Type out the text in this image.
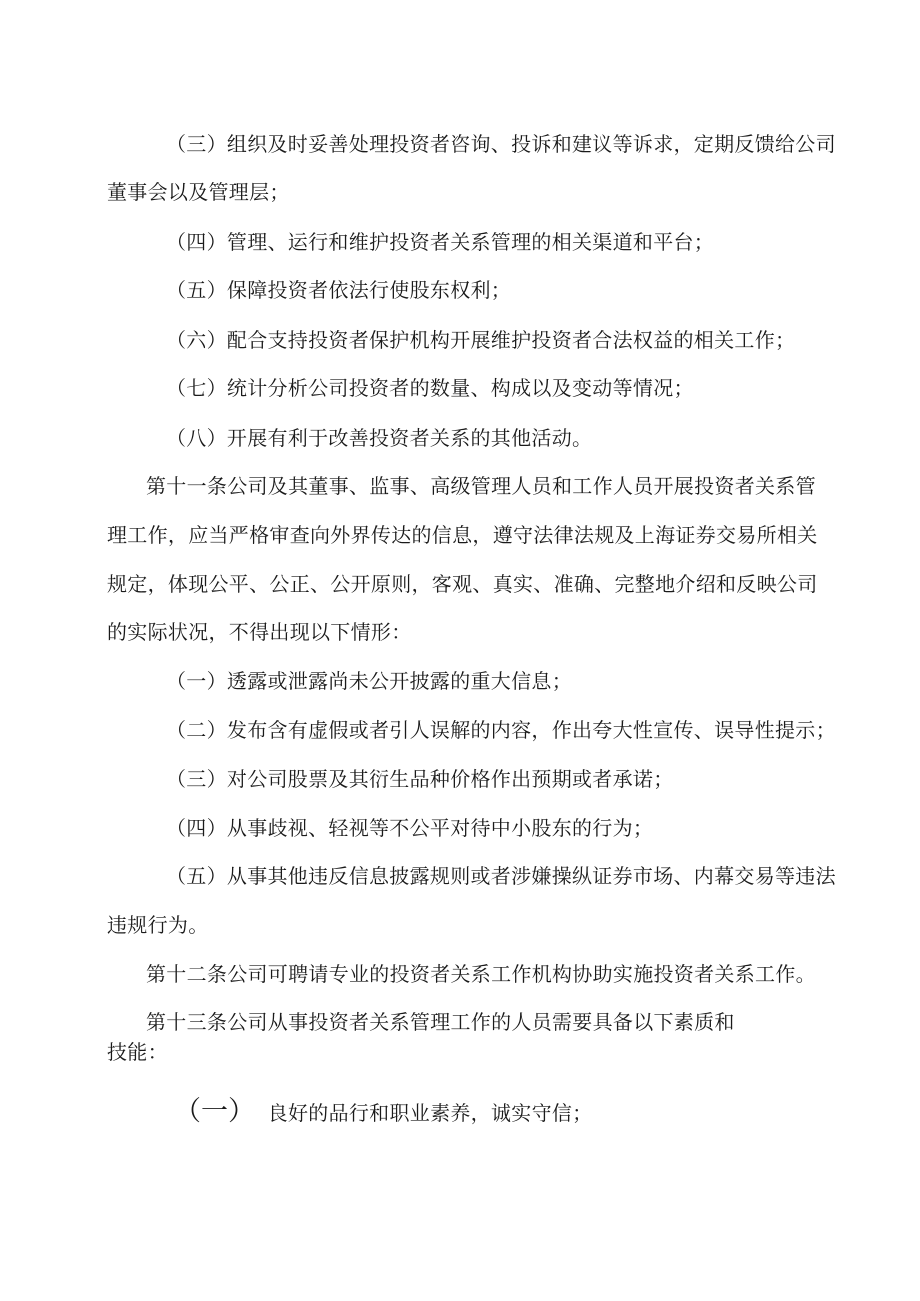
（三）组织及时妥善处理投资者咨询、投诉和建议等诉求，定期反馈给公司

董事会以及管理层；

（四）管理、运行和维护投资者关系管理的相关渠道和平台；

（五）保障投资者依法行使股东权利；

（六）配合支持投资者保护机构开展维护投资者合法权益的相关工作；

（七）统计分析公司投资者的数量、构成以及变动等情况；

（八）开展有利于改善投资者关系的其他活动。

第十一条公司及其董事、监事、高级管理人员和工作人员开展投资者关系管

理工作，应当严格审查向外界传达的信息，遵守法律法规及上海证券交易所相关

规定，体现公平、公正、公开原则，客观、真实、准确、完整地介绍和反映公司

的实际状况，不得出现以下情形：

（一）透露或泄露尚未公开披露的重大信息；

（二）发布含有虚假或者引人误解的内容，作出夸大性宣传、误导性提示；

（三）对公司股票及其衍生品种价格作出预期或者承诺；

（四）从事歧视、轻视等不公平对待中小股东的行为；

（五）从事其他违反信息披露规则或者涉嫌操纵证券市场、内幕交易等违法

违规行为。

第十二条公司可聘请专业的投资者关系工作机构协助实施投资者关系工作。

第十三条公司从事投资者关系管理工作的人员需要具备以下素质和

技能：

（一） 良好的品行和职业素养，诚实守信；
